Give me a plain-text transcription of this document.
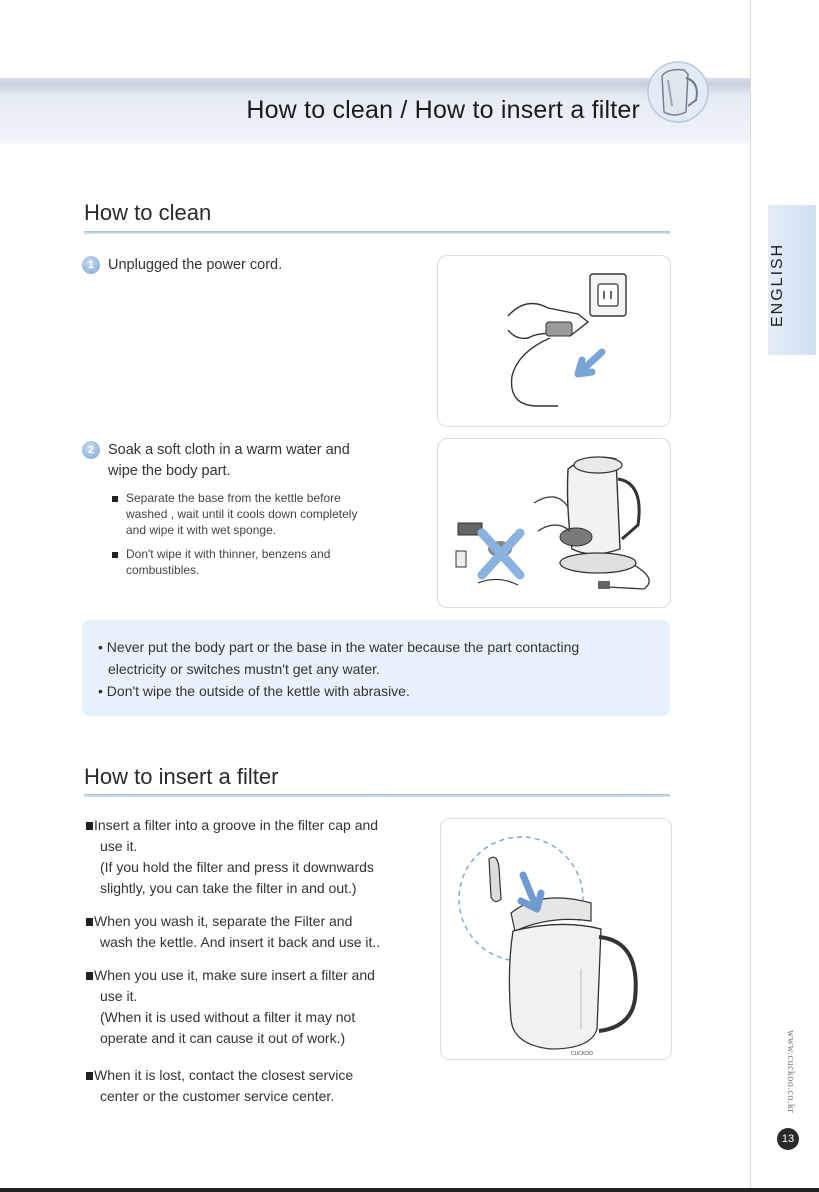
How to clean / How to insert a filter
ENGLISH
www.cuckoo.co.kr
13
How to clean
1 Unplugged the power cord.
2 Soak a soft cloth in a warm water and
wipe the body part.
Separate the base from the kettle before
washed , wait until it cools down completely
and wipe it with wet sponge.
Don't wipe it with thinner, benzens and
combustibles.
• Never put the body part or the base in the water because the part contacting
electricity or switches mustn't get any water.
• Don't wipe the outside of the kettle with abrasive.
How to insert a filter
Insert a filter into a groove in the filter cap and
use it.
(If you hold the filter and press it downwards
slightly, you can take the filter in and out.)
When you wash it, separate the Filter and
wash the kettle. And insert it back and use it..
When you use it, make sure insert a filter and
use it.
(When it is used without a filter it may not
operate and it can cause it out of work.)
When it is lost, contact the closest service
center or the customer service center.
CUCKOO
